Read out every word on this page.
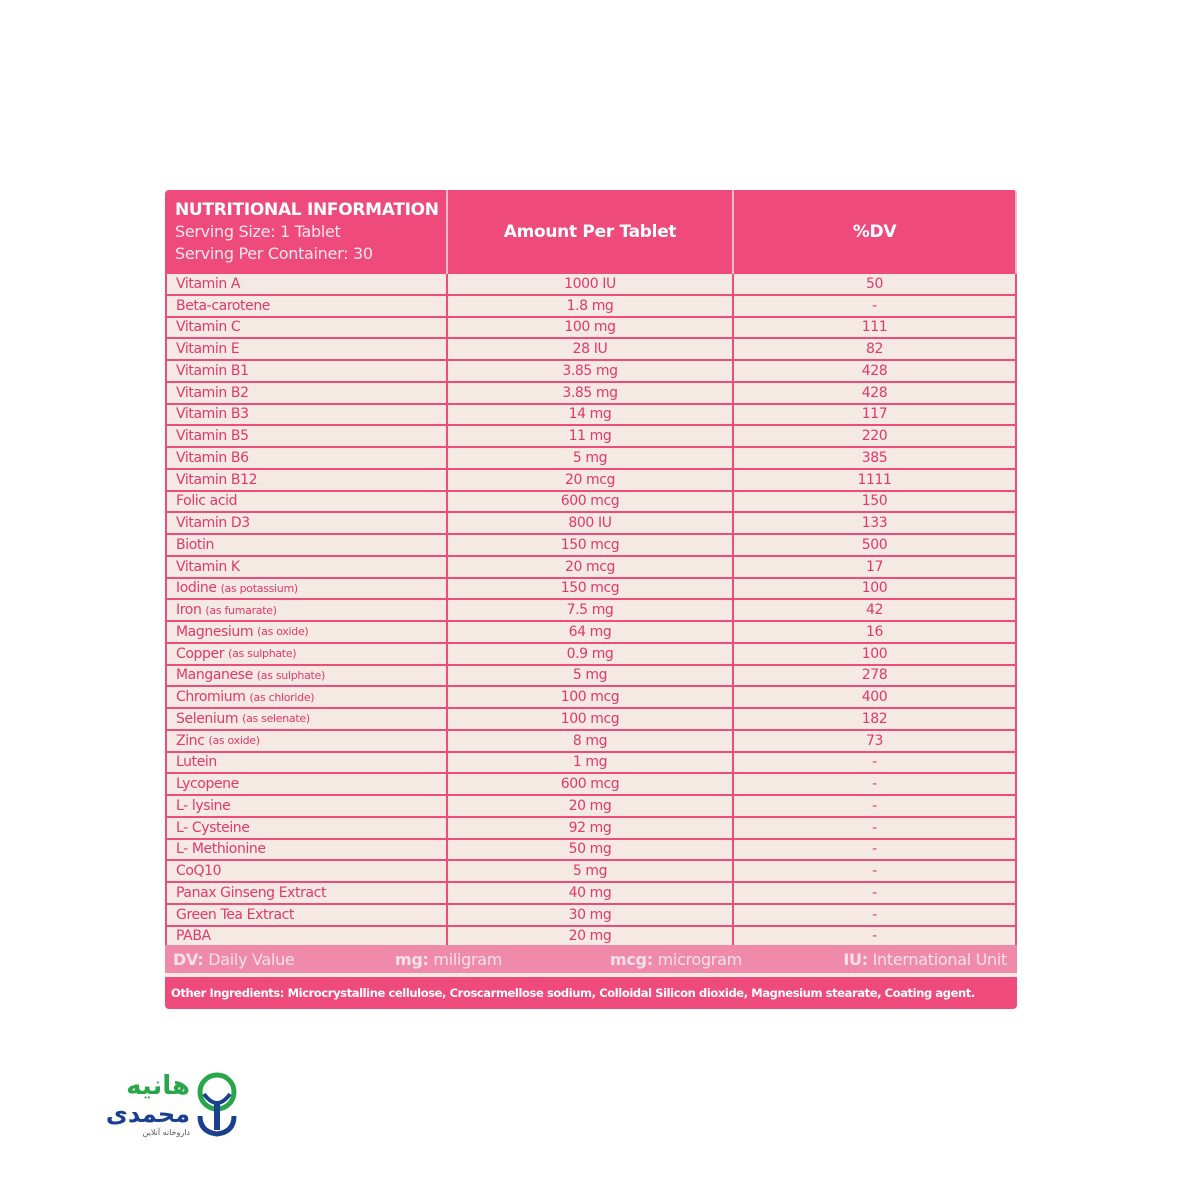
NUTRITIONAL INFORMATION
Serving Size: 1 Tablet
Serving Per Container: 30
Amount Per Tablet	%DV
Vitamin A	1000 IU	50
Beta-carotene	1.8 mg	-
Vitamin C	100 mg	111
Vitamin E	28 IU	82
Vitamin B1	3.85 mg	428
Vitamin B2	3.85 mg	428
Vitamin B3	14 mg	117
Vitamin B5	11 mg	220
Vitamin B6	5 mg	385
Vitamin B12	20 mcg	1111
Folic acid	600 mcg	150
Vitamin D3	800 IU	133
Biotin	150 mcg	500
Vitamin K	20 mcg	17
Iodine (as potassium)	150 mcg	100
Iron (as fumarate)	7.5 mg	42
Magnesium (as oxide)	64 mg	16
Copper (as sulphate)	0.9 mg	100
Manganese (as sulphate)	5 mg	278
Chromium (as chloride)	100 mcg	400
Selenium (as selenate)	100 mcg	182
Zinc (as oxide)	8 mg	73
Lutein	1 mg	-
Lycopene	600 mcg	-
L- lysine	20 mg	-
L- Cysteine	92 mg	-
L- Methionine	50 mg	-
CoQ10	5 mg	-
Panax Ginseng Extract	40 mg	-
Green Tea Extract	30 mg	-
PABA	20 mg	-
DV: Daily Value	mg: miligram	mcg: microgram	IU: International Unit
Other Ingredients: Microcrystalline cellulose, Croscarmellose sodium, Colloidal Silicon dioxide, Magnesium stearate, Coating agent.
هانیه
محمدی
داروخانه آنلاین
